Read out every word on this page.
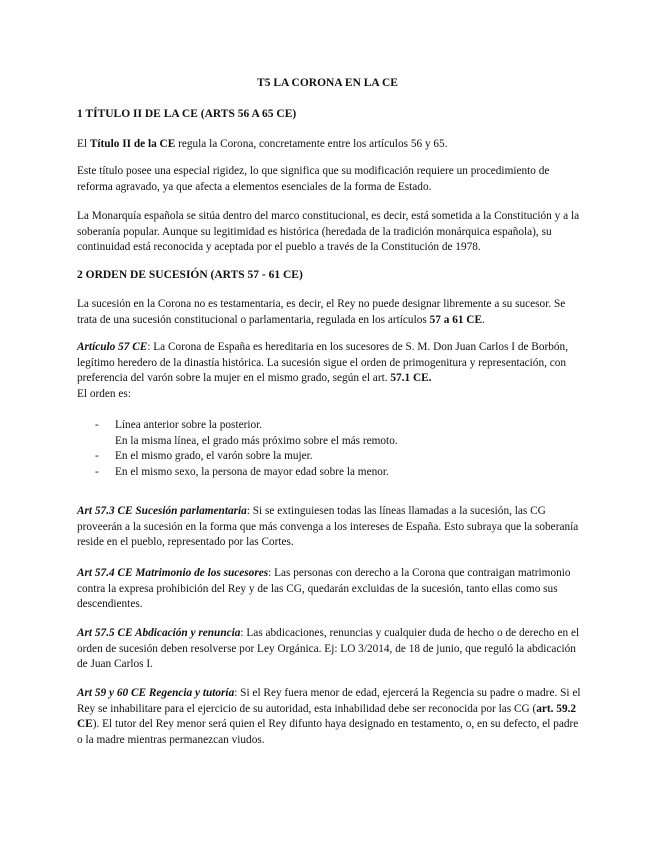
T5 LA CORONA EN LA CE
1 TÍTULO II DE LA CE (ARTS 56 A 65 CE)
El Título II de la CE regula la Corona, concretamente entre los artículos 56 y 65.
Este título posee una especial rigidez, lo que significa que su modificación requiere un procedimiento de reforma agravado, ya que afecta a elementos esenciales de la forma de Estado.
La Monarquía española se sitúa dentro del marco constitucional, es decir, está sometida a la Constitución y a la soberanía popular. Aunque su legitimidad es histórica (heredada de la tradición monárquica española), su continuidad está reconocida y aceptada por el pueblo a través de la Constitución de 1978.
2 ORDEN DE SUCESIÓN (ARTS 57 - 61 CE)
La sucesión en la Corona no es testamentaria, es decir, el Rey no puede designar libremente a su sucesor. Se trata de una sucesión constitucional o parlamentaria, regulada en los artículos 57 a 61 CE.
Artículo 57 CE: La Corona de España es hereditaria en los sucesores de S. M. Don Juan Carlos I de Borbón, legítimo heredero de la dinastía histórica. La sucesión sigue el orden de primogenitura y representación, con preferencia del varón sobre la mujer en el mismo grado, según el art. 57.1 CE.
El orden es:
- Línea anterior sobre la posterior.
En la misma línea, el grado más próximo sobre el más remoto.
- En el mismo grado, el varón sobre la mujer.
- En el mismo sexo, la persona de mayor edad sobre la menor.
Art 57.3 CE Sucesión parlamentaria: Si se extinguiesen todas las líneas llamadas a la sucesión, las CG proveerán a la sucesión en la forma que más convenga a los intereses de España. Esto subraya que la soberanía reside en el pueblo, representado por las Cortes.
Art 57.4 CE Matrimonio de los sucesores: Las personas con derecho a la Corona que contraigan matrimonio contra la expresa prohibición del Rey y de las CG, quedarán excluidas de la sucesión, tanto ellas como sus descendientes.
Art 57.5 CE Abdicación y renuncia: Las abdicaciones, renuncias y cualquier duda de hecho o de derecho en el orden de sucesión deben resolverse por Ley Orgánica. Ej: LO 3/2014, de 18 de junio, que reguló la abdicación de Juan Carlos I.
Art 59 y 60 CE Regencia y tutoría: Si el Rey fuera menor de edad, ejercerá la Regencia su padre o madre. Si el Rey se inhabilitare para el ejercicio de su autoridad, esta inhabilidad debe ser reconocida por las CG (art. 59.2 CE). El tutor del Rey menor será quien el Rey difunto haya designado en testamento, o, en su defecto, el padre o la madre mientras permanezcan viudos.
